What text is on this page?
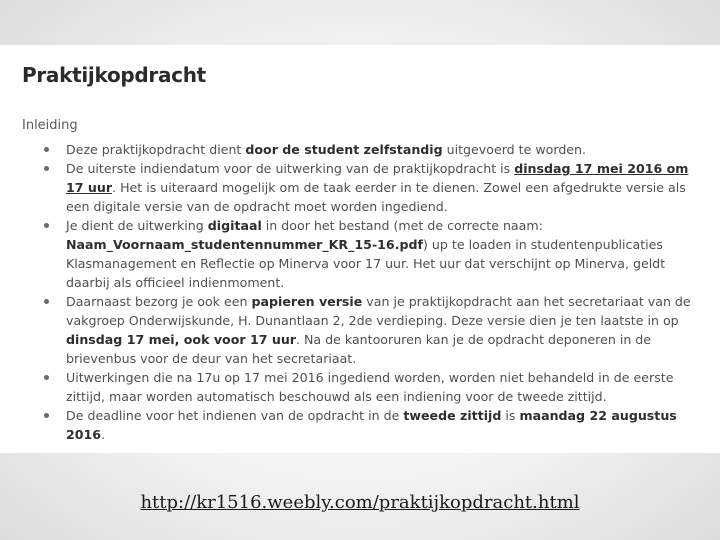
Praktijkopdracht
Inleiding
Deze praktijkopdracht dient door de student zelfstandig uitgevoerd te worden.
De uiterste indiendatum voor de uitwerking van de praktijkopdracht is dinsdag 17 mei 2016 om 17 uur. Het is uiteraard mogelijk om de taak eerder in te dienen. Zowel een afgedrukte versie als een digitale versie van de opdracht moet worden ingediend.
Je dient de uitwerking digitaal in door het bestand (met de correcte naam: Naam_Voornaam_studentennummer_KR_15-16.pdf) up te loaden in studentenpublicaties Klasmanagement en Reflectie op Minerva voor 17 uur. Het uur dat verschijnt op Minerva, geldt daarbij als officieel indienmoment.
Daarnaast bezorg je ook een papieren versie van je praktijkopdracht aan het secretariaat van de vakgroep Onderwijskunde, H. Dunantlaan 2, 2de verdieping. Deze versie dien je ten laatste in op dinsdag 17 mei, ook voor 17 uur. Na de kantooruren kan je de opdracht deponeren in de brievenbus voor de deur van het secretariaat.
Uitwerkingen die na 17u op 17 mei 2016 ingediend worden, worden niet behandeld in de eerste zittijd, maar worden automatisch beschouwd als een indiening voor de tweede zittijd.
De deadline voor het indienen van de opdracht in de tweede zittijd is maandag 22 augustus 2016.
http://kr1516.weebly.com/praktijkopdracht.html
